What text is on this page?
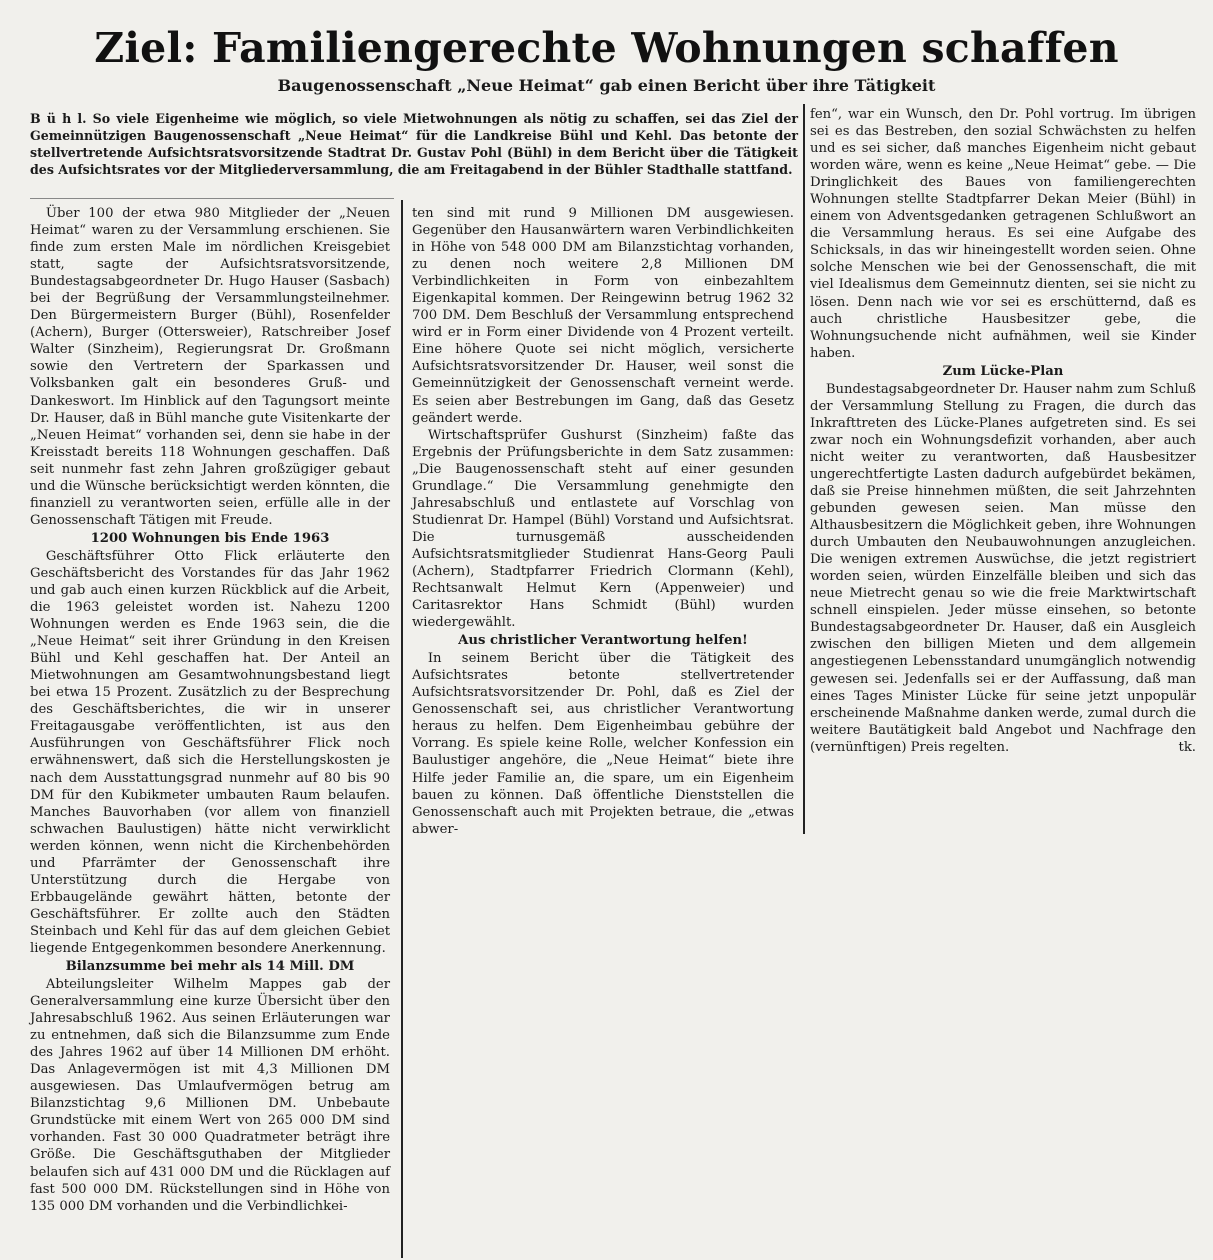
Ziel: Familiengerechte Wohnungen schaffen
Baugenossenschaft „Neue Heimat“ gab einen Bericht über ihre Tätigkeit
B ü h l. So viele Eigenheime wie möglich, so viele Mietwohnungen als nötig zu schaffen, sei das Ziel der Gemeinnützigen Baugenossenschaft „Neue Heimat“ für die Landkreise Bühl und Kehl. Das betonte der stellvertretende Aufsichtsratsvorsitzende Stadtrat Dr. Gustav Pohl (Bühl) in dem Bericht über die Tätigkeit des Aufsichtsrates vor der Mitgliederversammlung, die am Freitagabend in der Bühler Stadthalle stattfand.

Über 100 der etwa 980 Mitglieder der „Neuen Heimat“ waren zu der Versammlung erschienen. Sie finde zum ersten Male im nördlichen Kreisgebiet statt, sagte der Aufsichtsratsvorsitzende, Bundestagsabgeordneter Dr. Hugo Hauser (Sasbach) bei der Begrüßung der Versammlungsteilnehmer. Den Bürgermeistern Burger (Bühl), Rosenfelder (Achern), Burger (Ottersweier), Ratschreiber Josef Walter (Sinzheim), Regierungsrat Dr. Großmann sowie den Vertretern der Sparkassen und Volksbanken galt ein besonderes Gruß- und Dankeswort. Im Hinblick auf den Tagungsort meinte Dr. Hauser, daß in Bühl manche gute Visitenkarte der „Neuen Heimat“ vorhanden sei, denn sie habe in der Kreisstadt bereits 118 Wohnungen geschaffen. Daß seit nunmehr fast zehn Jahren großzügiger gebaut und die Wünsche berücksichtigt werden könnten, die finanziell zu verantworten seien, erfülle alle in der Genossenschaft Tätigen mit Freude.

1200 Wohnungen bis Ende 1963

Geschäftsführer Otto Flick erläuterte den Geschäftsbericht des Vorstandes für das Jahr 1962 und gab auch einen kurzen Rückblick auf die Arbeit, die 1963 geleistet worden ist. Nahezu 1200 Wohnungen werden es Ende 1963 sein, die die „Neue Heimat“ seit ihrer Gründung in den Kreisen Bühl und Kehl geschaffen hat. Der Anteil an Mietwohnungen am Gesamtwohnungsbestand liegt bei etwa 15 Prozent. Zusätzlich zu der Besprechung des Geschäftsberichtes, die wir in unserer Freitagausgabe veröffentlichten, ist aus den Ausführungen von Geschäftsführer Flick noch erwähnenswert, daß sich die Herstellungskosten je nach dem Ausstattungsgrad nunmehr auf 80 bis 90 DM für den Kubikmeter umbauten Raum belaufen. Manches Bauvorhaben (vor allem von finanziell schwachen Baulustigen) hätte nicht verwirklicht werden können, wenn nicht die Kirchenbehörden und Pfarrämter der Genossenschaft ihre Unterstützung durch die Hergabe von Erbbaugelände gewährt hätten, betonte der Geschäftsführer. Er zollte auch den Städten Steinbach und Kehl für das auf dem gleichen Gebiet liegende Entgegenkommen besondere Anerkennung.

Bilanzsumme bei mehr als 14 Mill. DM

Abteilungsleiter Wilhelm Mappes gab der Generalversammlung eine kurze Übersicht über den Jahresabschluß 1962. Aus seinen Erläuterungen war zu entnehmen, daß sich die Bilanzsumme zum Ende des Jahres 1962 auf über 14 Millionen DM erhöht. Das Anlagevermögen ist mit 4,3 Millionen DM ausgewiesen. Das Umlaufvermögen betrug am Bilanzstichtag 9,6 Millionen DM. Unbebaute Grundstücke mit einem Wert von 265 000 DM sind vorhanden. Fast 30 000 Quadratmeter beträgt ihre Größe. Die Geschäftsguthaben der Mitglieder belaufen sich auf 431 000 DM und die Rücklagen auf fast 500 000 DM. Rückstellungen sind in Höhe von 135 000 DM vorhanden und die Verbindlichkei-

ten sind mit rund 9 Millionen DM ausgewiesen. Gegenüber den Hausanwärtern waren Verbindlichkeiten in Höhe von 548 000 DM am Bilanzstichtag vorhanden, zu denen noch weitere 2,8 Millionen DM Verbindlichkeiten in Form von einbezahltem Eigenkapital kommen. Der Reingewinn betrug 1962 32 700 DM. Dem Beschluß der Versammlung entsprechend wird er in Form einer Dividende von 4 Prozent verteilt. Eine höhere Quote sei nicht möglich, versicherte Aufsichtsratsvorsitzender Dr. Hauser, weil sonst die Gemeinnützigkeit der Genossenschaft verneint werde. Es seien aber Bestrebungen im Gang, daß das Gesetz geändert werde.

Wirtschaftsprüfer Gushurst (Sinzheim) faßte das Ergebnis der Prüfungsberichte in dem Satz zusammen: „Die Baugenossenschaft steht auf einer gesunden Grundlage.“ Die Versammlung genehmigte den Jahresabschluß und entlastete auf Vorschlag von Studienrat Dr. Hampel (Bühl) Vorstand und Aufsichtsrat. Die turnusgemäß ausscheidenden Aufsichtsratsmitglieder Studienrat Hans-Georg Pauli (Achern), Stadtpfarrer Friedrich Clormann (Kehl), Rechtsanwalt Helmut Kern (Appenweier) und Caritasrektor Hans Schmidt (Bühl) wurden wiedergewählt.

Aus christlicher Verantwortung helfen!

In seinem Bericht über die Tätigkeit des Aufsichtsrates betonte stellvertretender Aufsichtsratsvorsitzender Dr. Pohl, daß es Ziel der Genossenschaft sei, aus christlicher Verantwortung heraus zu helfen. Dem Eigenheimbau gebühre der Vorrang. Es spiele keine Rolle, welcher Konfession ein Baulustiger angehöre, die „Neue Heimat“ biete ihre Hilfe jeder Familie an, die spare, um ein Eigenheim bauen zu können. Daß öffentliche Dienststellen die Genossenschaft auch mit Projekten betraue, die „etwas abwer-

fen“, war ein Wunsch, den Dr. Pohl vortrug. Im übrigen sei es das Bestreben, den sozial Schwächsten zu helfen und es sei sicher, daß manches Eigenheim nicht gebaut worden wäre, wenn es keine „Neue Heimat“ gebe. — Die Dringlichkeit des Baues von familiengerechten Wohnungen stellte Stadtpfarrer Dekan Meier (Bühl) in einem von Adventsgedanken getragenen Schlußwort an die Versammlung heraus. Es sei eine Aufgabe des Schicksals, in das wir hineingestellt worden seien. Ohne solche Menschen wie bei der Genossenschaft, die mit viel Idealismus dem Gemeinnutz dienten, sei sie nicht zu lösen. Denn nach wie vor sei es erschütternd, daß es auch christliche Hausbesitzer gebe, die Wohnungsuchende nicht aufnähmen, weil sie Kinder haben.

Zum Lücke-Plan

Bundestagsabgeordneter Dr. Hauser nahm zum Schluß der Versammlung Stellung zu Fragen, die durch das Inkrafttreten des Lücke-Planes aufgetreten sind. Es sei zwar noch ein Wohnungsdefizit vorhanden, aber auch nicht weiter zu verantworten, daß Hausbesitzer ungerechtfertigte Lasten dadurch aufgebürdet bekämen, daß sie Preise hinnehmen müßten, die seit Jahrzehnten gebunden gewesen seien. Man müsse den Althausbesitzern die Möglichkeit geben, ihre Wohnungen durch Umbauten den Neubauwohnungen anzugleichen. Die wenigen extremen Auswüchse, die jetzt registriert worden seien, würden Einzelfälle bleiben und sich das neue Mietrecht genau so wie die freie Marktwirtschaft schnell einspielen. Jeder müsse einsehen, so betonte Bundestagsabgeordneter Dr. Hauser, daß ein Ausgleich zwischen den billigen Mieten und dem allgemein angestiegenen Lebensstandard unumgänglich notwendig gewesen sei. Jedenfalls sei er der Auffassung, daß man eines Tages Minister Lücke für seine jetzt unpopulär erscheinende Maßnahme danken werde, zumal durch die weitere Bautätigkeit bald Angebot und Nachfrage den (vernünftigen) Preis regelten.	tk.
